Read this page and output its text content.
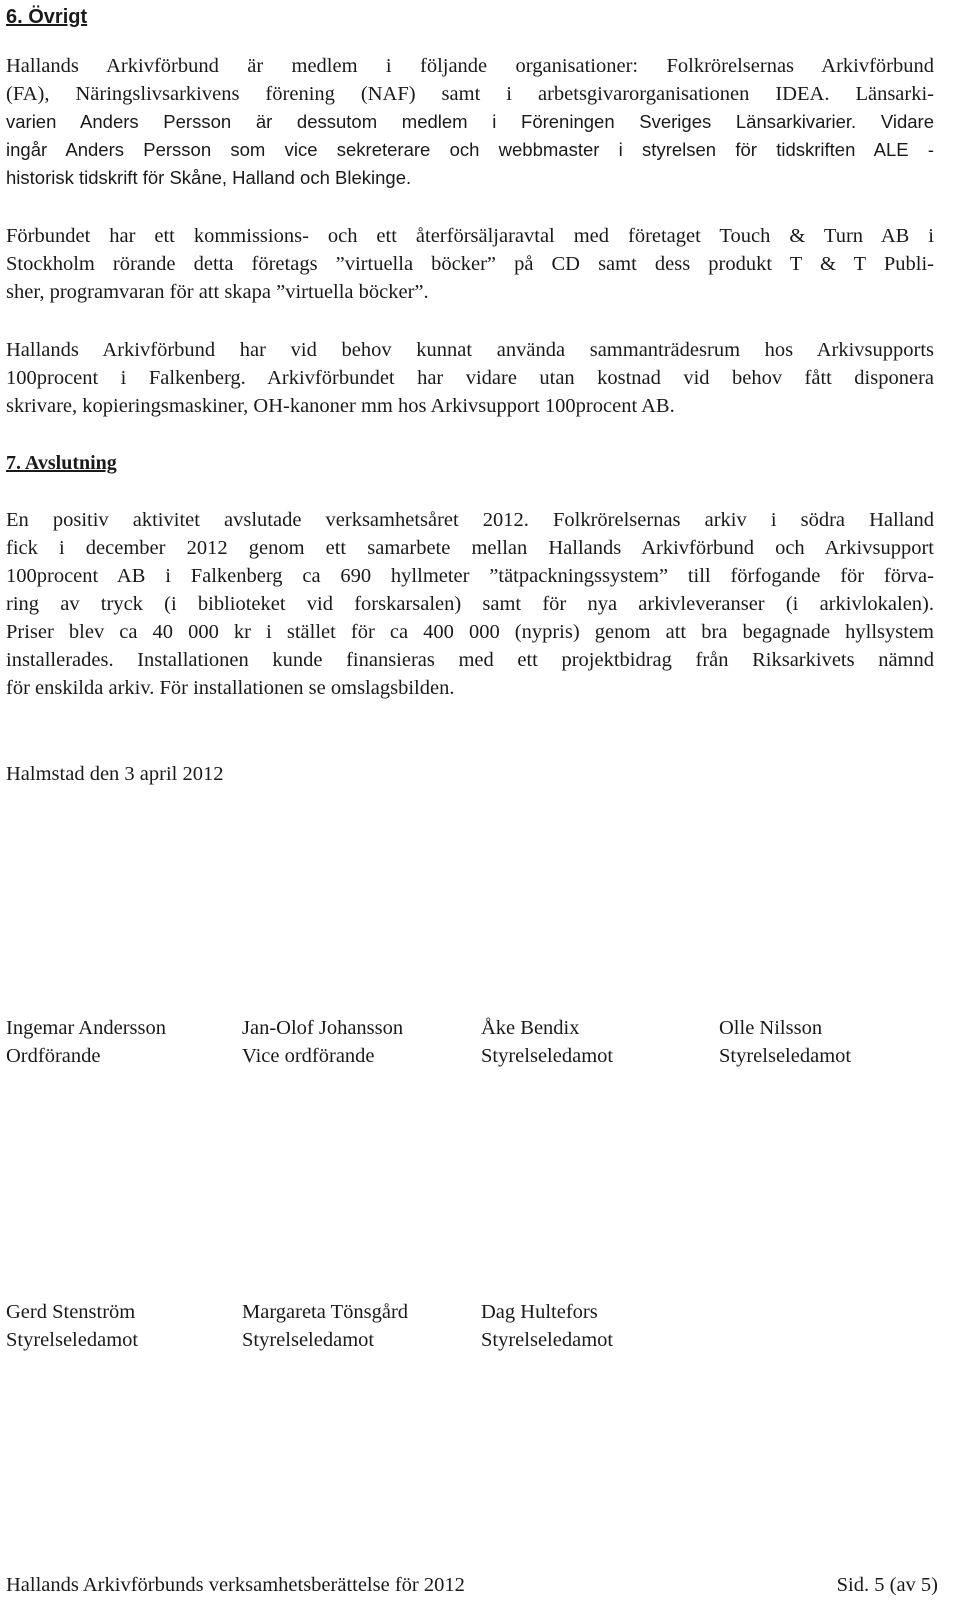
6. Övrigt
Hallands Arkivförbund är medlem i följande organisationer: Folkrörelsernas Arkivförbund
(FA), Näringslivsarkivens förening (NAF) samt i arbetsgivarorganisationen IDEA. Länsarki-
varien Anders Persson är dessutom medlem i Föreningen Sveriges Länsarkivarier. Vidare
ingår Anders Persson som vice sekreterare och webbmaster i styrelsen för tidskriften ALE -
historisk tidskrift för Skåne, Halland och Blekinge.
Förbundet har ett kommissions- och ett återförsäljaravtal med företaget Touch & Turn AB i
Stockholm rörande detta företags ”virtuella böcker” på CD samt dess produkt T & T Publi-
sher, programvaran för att skapa ”virtuella böcker”.
Hallands Arkivförbund har vid behov kunnat använda sammanträdesrum hos Arkivsupports
100procent i Falkenberg. Arkivförbundet har vidare utan kostnad vid behov fått disponera
skrivare, kopieringsmaskiner, OH-kanoner mm hos Arkivsupport 100procent AB.
7. Avslutning
En positiv aktivitet avslutade verksamhetsåret 2012. Folkrörelsernas arkiv i södra Halland
fick i december 2012 genom ett samarbete mellan Hallands Arkivförbund och Arkivsupport
100procent AB i Falkenberg ca 690 hyllmeter ”tätpackningssystem” till förfogande för förva-
ring av tryck (i biblioteket vid forskarsalen) samt för nya arkivleveranser (i arkivlokalen).
Priser blev ca 40 000 kr i stället för ca 400 000 (nypris) genom att bra begagnade hyllsystem
installerades. Installationen kunde finansieras med ett projektbidrag från Riksarkivets nämnd
för enskilda arkiv. För installationen se omslagsbilden.
Halmstad den 3 april 2012
Ingemar Andersson
Ordförande
Jan-Olof Johansson
Vice ordförande
Åke Bendix
Styrelseledamot
Olle Nilsson
Styrelseledamot
Gerd Stenström
Styrelseledamot
Margareta Tönsgård
Styrelseledamot
Dag Hultefors
Styrelseledamot
Hallands Arkivförbunds verksamhetsberättelse för 2012	Sid. 5 (av 5)
